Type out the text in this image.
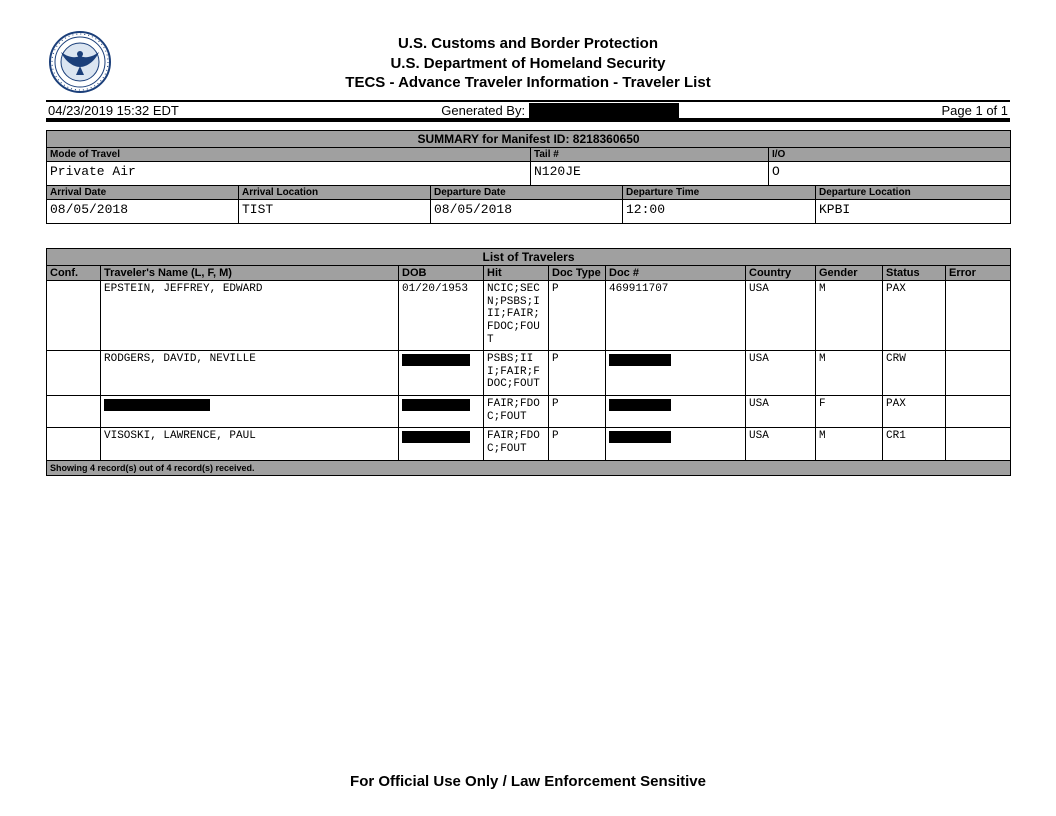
U.S. Customs and Border Protection
U.S. Department of Homeland Security
TECS - Advance Traveler Information - Traveler List
04/23/2019 15:32 EDT	Generated By:	Page 1 of 1
SUMMARY for Manifest ID: 8218360650		
Mode of Travel	Tail #	I/O
Private Air	N120JE	O
Arrival Date	Arrival Location	Departure Date	Departure Time	Departure Location
08/05/2018	TIST	08/05/2018	12:00	KPBI
List of Travelers									
Conf.	Traveler's Name (L, F, M)	DOB	Hit	Doc Type	Doc #	Country	Gender	Status	Error
	EPSTEIN, JEFFREY, EDWARD	01/20/1953	NCIC;SECN;PSBS;III;FAIR;FDOC;FOUT	P	469911707	USA	M	PAX	
	RODGERS, DAVID, NEVILLE		PSBS;III;FAIR;FDOC;FOUT	P		USA	M	CRW	
			FAIR;FDOC;FOUT	P		USA	F	PAX	
	VISOSKI, LAWRENCE, PAUL		FAIR;FDOC;FOUT	P		USA	M	CR1	
Showing 4 record(s) out of 4 record(s) received.									
For Official Use Only / Law Enforcement Sensitive
